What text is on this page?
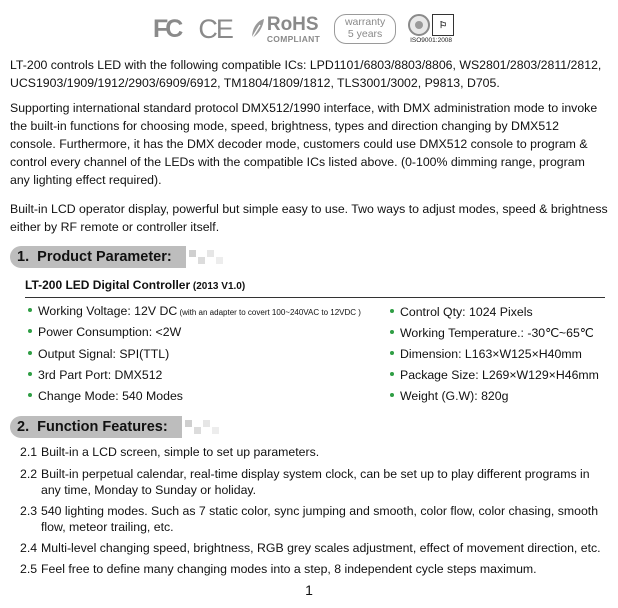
FC CE RoHS
COMPLIANT
warranty
5 years
⚐
ISO9001:2008

LT-200 controls LED with the following compatible ICs: LPD1101/6803/8803/8806, WS2801/2803/2811/2812, UCS1903/1909/1912/2903/6909/6912, TM1804/1809/1812, TLS3001/3002, P9813, D705.

Supporting international standard protocol DMX512/1990 interface, with DMX administration mode to invoke the built-in functions for choosing mode, speed, brightness, types and direction changing by DMX512 console. Furthermore, it has the DMX decoder mode, customers could use DMX512 console to program & control every channel of the LEDs with the compatible ICs listed above. (0-100% dimming range, program any lighting effect required).

Built-in LCD operator display, powerful but simple easy to use. Two ways to adjust modes, speed & brightness either by RF remote or controller itself.

1.  Product Parameter:
LT-200 LED Digital Controller (2013 V1.0)
Working Voltage: 12V DC (with an adapter to covert 100~240VAC to 12VDC )
Power Consumption: <2W
Output Signal: SPI(TTL)
3rd Part Port: DMX512
Change Mode: 540 Modes
Control Qty: 1024 Pixels
Working Temperature.: -30℃~65℃
Dimension: L163×W125×H40mm
Package Size: L269×W129×H46mm
Weight (G.W): 820g
2.  Function Features:
2.1 Built-in a LCD screen, simple to set up parameters.
2.2 Built-in perpetual calendar, real-time display system clock, can be set up to play different programs in
any time, Monday to Sunday or holiday.
2.3 540 lighting modes. Such as 7 static color, sync jumping and smooth, color flow, color chasing, smooth
flow, meteor trailing, etc.
2.4 Multi-level changing speed, brightness, RGB grey scales adjustment, effect of movement direction, etc.
2.5 Feel free to define many changing modes into a step, 8 independent cycle steps maximum.
1
